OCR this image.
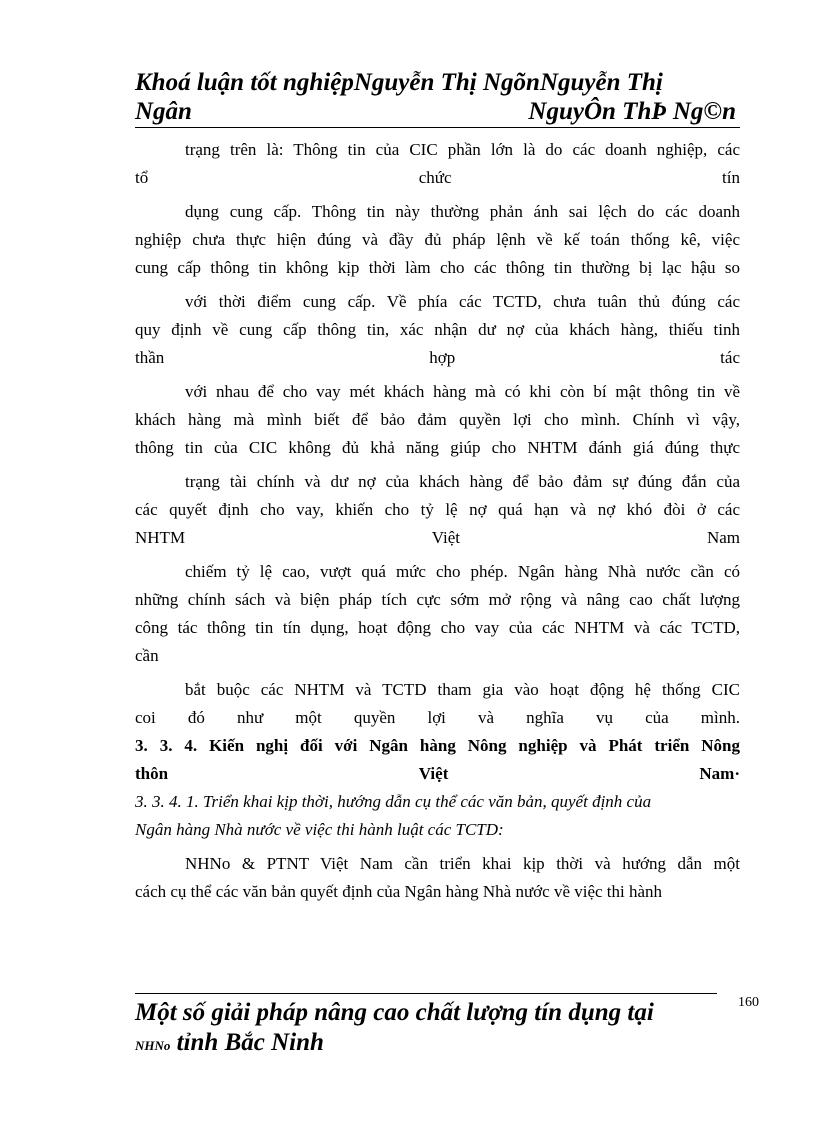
Khoá luận tốt nghiệpNguyễn Thị NgõnNguyễn Thị
Ngân	NguyÔn ThÞ Ng©n
trạng trên là: Thông tin của CIC phần lớn là do các doanh nghiệp, các
tổ chức tín
dụng cung cấp. Thông tin này thường phản ánh sai lệch do các doanh
nghiệp chưa thực hiện đúng và đầy đủ pháp lệnh về kế toán thống kê, việc
cung cấp thông tin không kịp thời làm cho các thông tin thường bị lạc hậu so
với thời điểm cung cấp. Về phía các TCTD, chưa tuân thủ đúng các
quy định về cung cấp thông tin, xác nhận dư nợ của khách hàng, thiếu tinh
thần hợp tác
với nhau để cho vay mét khách hàng mà có khi còn bí mật thông tin về
khách hàng mà mình biết để bảo đảm quyền lợi cho mình. Chính vì vậy,
thông tin của CIC không đủ khả năng giúp cho NHTM đánh giá đúng thực
trạng tài chính và dư nợ của khách hàng để bảo đảm sự đúng đắn của
các quyết định cho vay, khiến cho tỷ lệ nợ quá hạn và nợ khó đòi ở các
NHTM Việt Nam
chiếm tỷ lệ cao, vượt quá mức cho phép. Ngân hàng Nhà nước cần có
những chính sách và biện pháp tích cực sớm mở rộng và nâng cao chất lượng
công tác thông tin tín dụng, hoạt động cho vay của các NHTM và các TCTD,
cần
bắt buộc các NHTM và TCTD tham gia vào hoạt động hệ thống CIC
coi đó như một quyền lợi và nghĩa vụ của mình.
3. 3. 4. Kiến nghị đối với Ngân hàng Nông nghiệp và Phát triển Nông
thôn Việt Nam·
3. 3. 4. 1. Triển khai kịp thời, hướng dẫn cụ thể các văn bản, quyết định của
Ngân hàng Nhà nước về việc thi hành luật các TCTD:
NHNo & PTNT Việt Nam cần triển khai kịp thời và hướng dẫn một
cách cụ thể các văn bản quyết định của Ngân hàng Nhà nước về việc thi hành
160
Một số giải pháp nâng cao chất lượng tín dụng tại
NHNo tỉnh Bắc Ninh
